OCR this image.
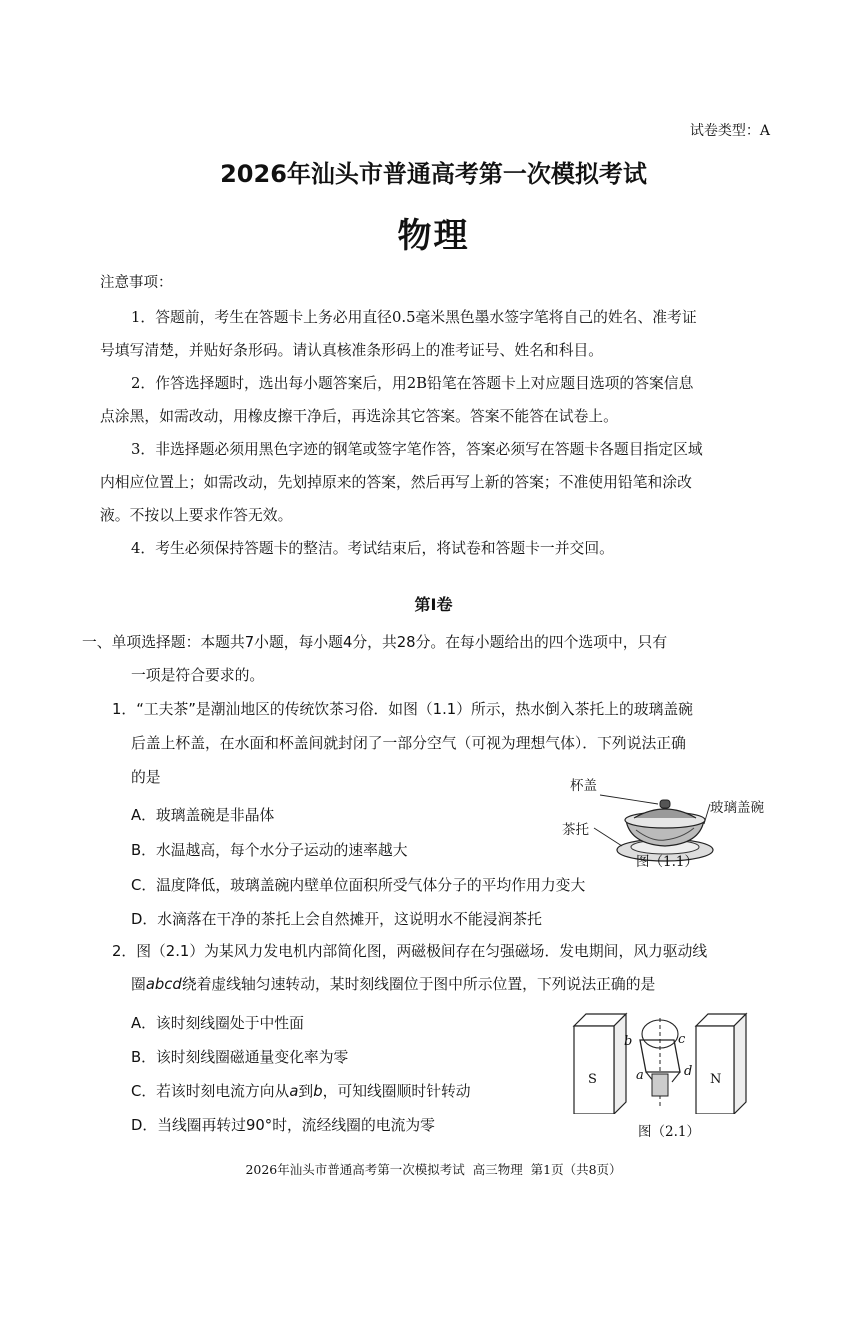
试卷类型：A
2026年汕头市普通高考第一次模拟考试
物理
注意事项：
1．答题前，考生在答题卡上务必用直径0.5毫米黑色墨水签字笔将自己的姓名、准考证
号填写清楚，并贴好条形码。请认真核准条形码上的准考证号、姓名和科目。
2．作答选择题时，选出每小题答案后，用2B铅笔在答题卡上对应题目选项的答案信息
点涂黑，如需改动，用橡皮擦干净后，再选涂其它答案。答案不能答在试卷上。
3．非选择题必须用黑色字迹的钢笔或签字笔作答，答案必须写在答题卡各题目指定区域
内相应位置上；如需改动，先划掉原来的答案，然后再写上新的答案；不准使用铅笔和涂改
液。不按以上要求作答无效。
4．考生必须保持答题卡的整洁。考试结束后，将试卷和答题卡一并交回。
第I卷
一、单项选择题：本题共7小题，每小题4分，共28分。在每小题给出的四个选项中，只有
一项是符合要求的。
1．“工夫茶”是潮汕地区的传统饮茶习俗．如图（1.1）所示，热水倒入茶托上的玻璃盖碗
后盖上杯盖，在水面和杯盖间就封闭了一部分空气（可视为理想气体）．下列说法正确
的是
A．玻璃盖碗是非晶体
B．水温越高，每个水分子运动的速率越大
C．温度降低，玻璃盖碗内壁单位面积所受气体分子的平均作用力变大
D．水滴落在干净的茶托上会自然摊开，这说明水不能浸润茶托
杯盖
玻璃盖碗
茶托
图（1.1）
2．图（2.1）为某风力发电机内部简化图，两磁极间存在匀强磁场．发电期间，风力驱动线
圈abcd绕着虚线轴匀速转动，某时刻线圈位于图中所示位置，下列说法正确的是
A．该时刻线圈处于中性面
B．该时刻线圈磁通量变化率为零
C．若该时刻电流方向从a到b，可知线圈顺时针转动
D．当线圈再转过90°时，流经线圈的电流为零
b	c
a	d
S	N
图（2.1）
2026年汕头市普通高考第一次模拟考试  高三物理  第1页（共8页）
